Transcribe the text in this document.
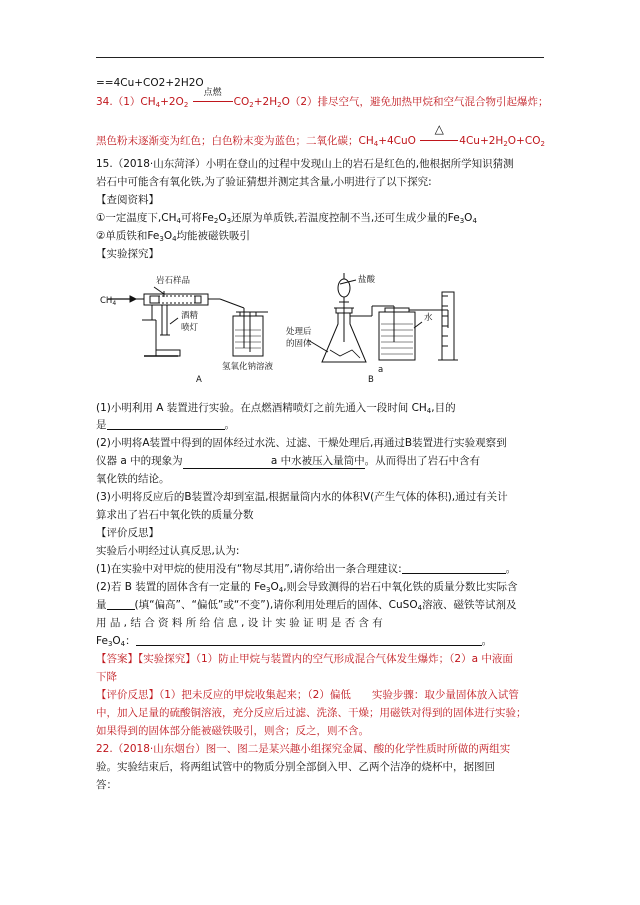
==4Cu+CO2+2H2O
$34.(1)CH_4+2O_2$
点燃
$CO_2+2H_2O(2)$排尽空气，避免加热甲烷和空气混合物引起爆炸；
黑色粉末逐渐变为红色；白色粉末变为蓝色；二氧化碳；$CH_4+4CuO$
△
$4Cu+2H_2O+CO_2$
15.（2018·山东菏泽）小明在登山的过程中发现山上的岩石是红色的,他根据所学知识猜测
岩石中可能含有氧化铁,为了验证猜想并测定其含量,小明进行了以下探究:
【查阅资料】
①一定温度下$,CH_4$可将$Fe_2O_3$还原为单质铁,若温度控制不当,还可生成少量的$Fe_3O_4$
②单质铁和$Fe_3O_4$均能被磁铁吸引
【实验探究】
岩石样品
$CH_4$
酒精
喷灯
氢氧化钠溶液
A
盐酸
处理后
的固体
水
a
B
(1)小明利用 A 装置进行实验。在点燃酒精喷灯之前先通入一段时间 $CH_4$,目的
是	。
(2)小明将A装置中得到的固体经过水洗、过滤、干燥处理后,再通过B装置进行实验观察到
仪器 a 中的现象为	a 中水被压入量筒中。从而得出了岩石中含有
氧化铁的结论。
(3)小明将反应后的B装置冷却到室温,根据量筒内水的体积V(产生气体的体积),通过有关计
算求出了岩石中氧化铁的质量分数
【评价反思】
实验后小明经过认真反思,认为:
(1)在实验中对甲烷的使用没有“物尽其用”,请你给出一条合理建议:	。
(2)若 B 装置的固体含有一定量的 $Fe_3O_4$,则会导致测得的岩石中氧化铁的质量分数比实际含
量	(填“偏高”、“偏低”或“不变”),请你利用处理后的固体、CuSO$_4$溶液、磁铁等试剂及
用 品 , 结 合 资 料 所 给 信 息 , 设 计 实 验 证 明 是 否 含 有
$Fe_3O_4$：	。
【答案】【实验探究】（1）防止甲烷与装置内的空气形成混合气体发生爆炸；（2）a 中液面
下降
【评价反思】（1）把未反应的甲烷收集起来；（2）偏低　　实验步骤：取少量固体放入试管
中，加入足量的硫酸铜溶液，充分反应后过滤、洗涤、干燥；用磁铁对得到的固体进行实验；
如果得到的固体部分能被磁铁吸引，则含；反之，则不含。
22.（2018·山东烟台）图一、图二是某兴趣小组探究金属、酸的化学性质时所做的两组实
验。实验结束后，将两组试管中的物质分别全部倒入甲、乙两个洁净的烧杯中，据图回
答：
